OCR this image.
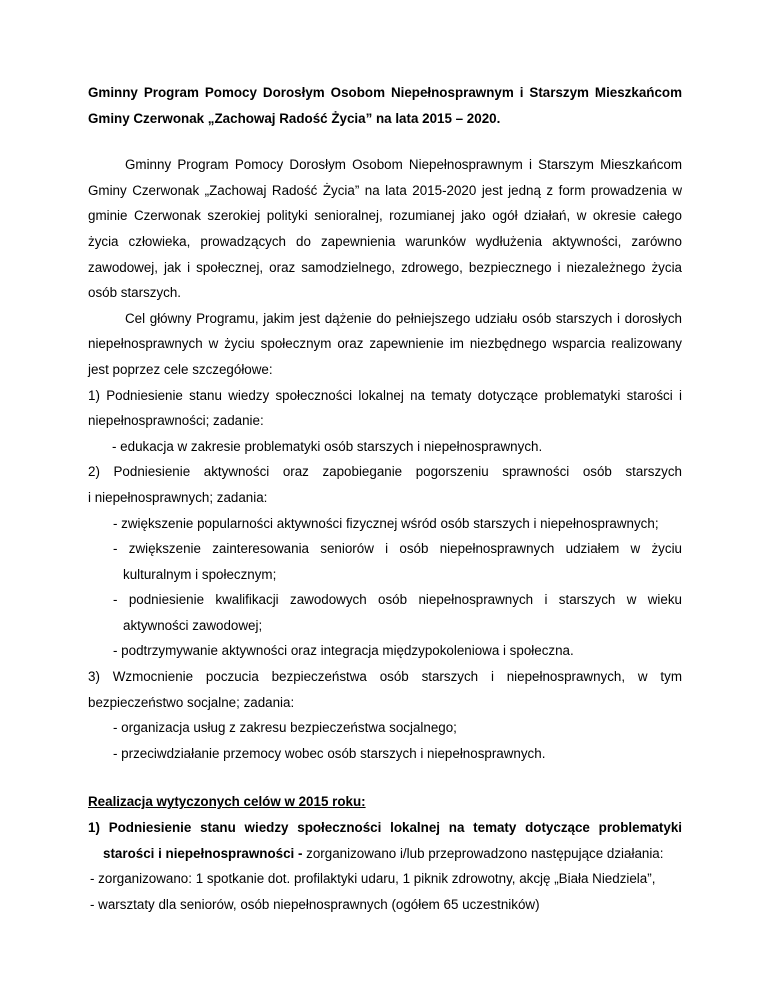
Gminny Program Pomocy Dorosłym Osobom Niepełnosprawnym i Starszym Mieszkańcom Gminy Czerwonak „Zachowaj Radość Życia” na lata 2015 – 2020.

Gminny Program Pomocy Dorosłym Osobom Niepełnosprawnym i Starszym Mieszkańcom Gminy Czerwonak „Zachowaj Radość Życia” na lata 2015-2020 jest jedną z form prowadzenia w gminie Czerwonak szerokiej polityki senioralnej, rozumianej jako ogół działań, w okresie całego życia człowieka, prowadzących do zapewnienia warunków wydłużenia aktywności, zarówno zawodowej, jak i społecznej, oraz samodzielnego, zdrowego, bezpiecznego i niezależnego życia osób starszych.

Cel główny Programu, jakim jest dążenie do pełniejszego udziału osób starszych i dorosłych niepełnosprawnych w życiu społecznym oraz zapewnienie im niezbędnego wsparcia realizowany jest poprzez cele szczegółowe:

1) Podniesienie stanu wiedzy społeczności lokalnej na tematy dotyczące problematyki starości i niepełnosprawności; zadanie:

- edukacja w zakresie problematyki osób starszych i niepełnosprawnych.

2) Podniesienie aktywności oraz zapobieganie pogorszeniu sprawności osób starszych

i niepełnosprawnych; zadania:

- zwiększenie popularności aktywności fizycznej wśród osób starszych i niepełnosprawnych;

- zwiększenie zainteresowania seniorów i osób niepełnosprawnych udziałem w życiu kulturalnym i społecznym;

- podniesienie kwalifikacji zawodowych osób niepełnosprawnych i starszych w wieku aktywności zawodowej;

- podtrzymywanie aktywności oraz integracja międzypokoleniowa i społeczna.

3) Wzmocnienie poczucia bezpieczeństwa osób starszych i niepełnosprawnych, w tym bezpieczeństwo socjalne; zadania:

- organizacja usług z zakresu bezpieczeństwa socjalnego;

- przeciwdziałanie przemocy wobec osób starszych i niepełnosprawnych.

Realizacja wytyczonych celów w 2015 roku:

1) Podniesienie stanu wiedzy społeczności lokalnej na tematy dotyczące problematyki starości i niepełnosprawności - zorganizowano i/lub przeprowadzono następujące działania:

- zorganizowano: 1 spotkanie dot. profilaktyki udaru, 1 piknik zdrowotny, akcję „Biała Niedziela”,

- warsztaty dla seniorów, osób niepełnosprawnych (ogółem 65 uczestników)
